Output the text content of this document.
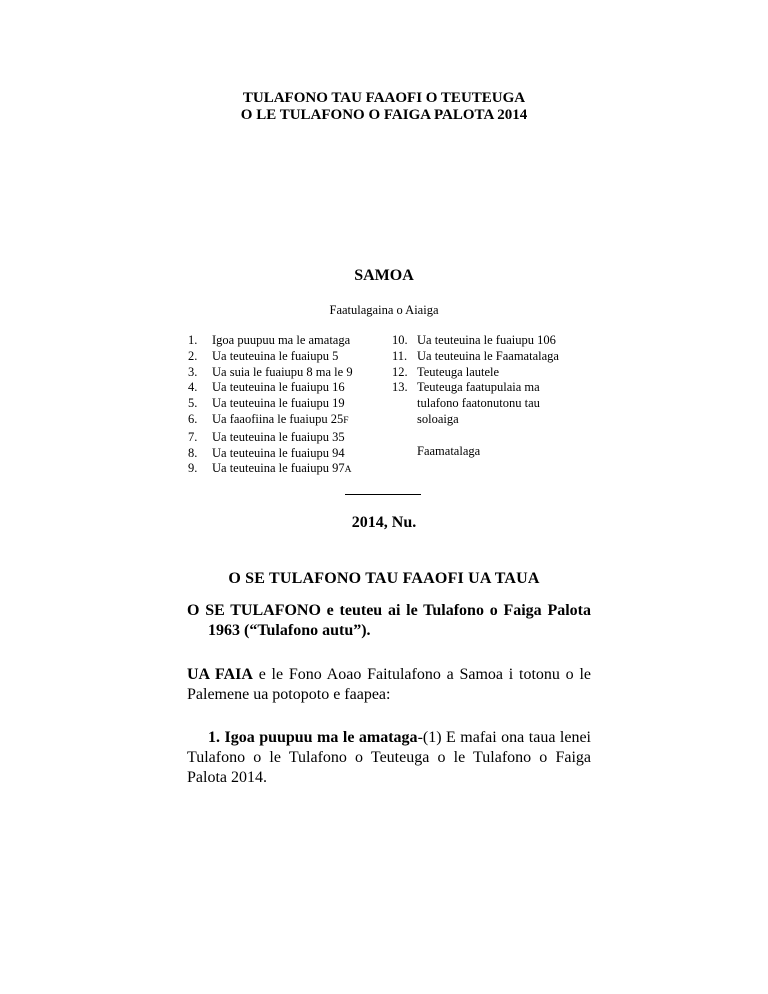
TULAFONO TAU FAAOFI O TEUTEUGA
O LE TULAFONO O FAIGA PALOTA 2014
SAMOA
Faatulagaina o Aiaiga
1.	Igoa puupuu ma le amataga
2.	Ua teuteuina le fuaiupu 5
3.	Ua suia le fuaiupu 8 ma le 9
4.	Ua teuteuina le fuaiupu 16
5.	Ua teuteuina le fuaiupu 19
6.	Ua faaofiina le fuaiupu 25F
7.	Ua teuteuina le fuaiupu 35
8.	Ua teuteuina le fuaiupu 94
9.	Ua teuteuina le fuaiupu 97A
10. Ua teuteuina le fuaiupu 106
11. Ua teuteuina le Faamatalaga
12. Teuteuga lautele
13. Teuteuga faatupulaia ma tulafono faatonutonu tau soloaiga
Faamatalaga
2014, Nu.
O SE TULAFONO TAU FAAOFI UA TAUA
O SE TULAFONO e teuteu ai le Tulafono o Faiga Palota
1963 (“Tulafono autu”).
UA FAIA e le Fono Aoao Faitulafono a Samoa i totonu o le Palemene ua potopoto e faapea:
1. Igoa puupuu ma le amataga-(1) E mafai ona taua lenei Tulafono o le Tulafono o Teuteuga o le Tulafono o Faiga Palota 2014.
